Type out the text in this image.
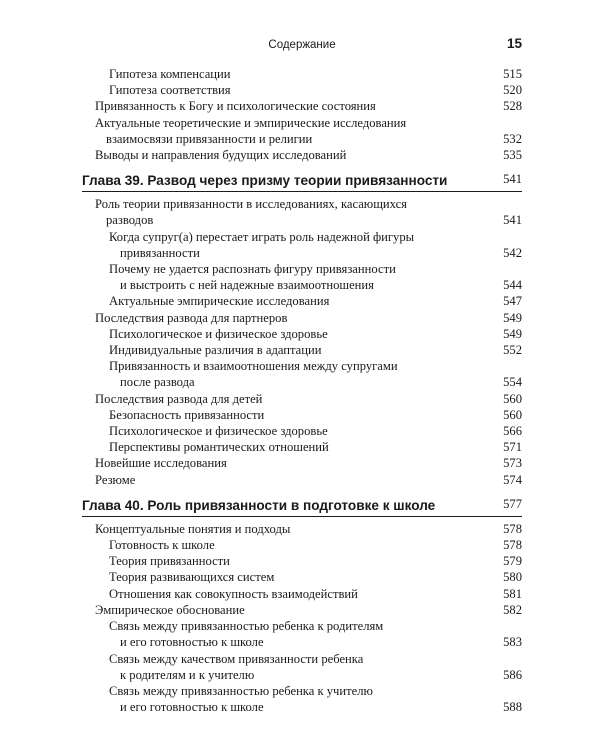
Содержание	15
Гипотеза компенсации	515
Гипотеза соответствия	520
Привязанность к Богу и психологические состояния	528
Актуальные теоретические и эмпирические исследования
взаимосвязи привязанности и религии	532
Выводы и направления будущих исследований	535
Глава 39. Развод через призму теории привязанности	541
Роль теории привязанности в исследованиях, касающихся
разводов	541
Когда супруг(а) перестает играть роль надежной фигуры
привязанности	542
Почему не удается распознать фигуру привязанности
и выстроить с ней надежные взаимоотношения	544
Актуальные эмпирические исследования	547
Последствия развода для партнеров	549
Психологическое и физическое здоровье	549
Индивидуальные различия в адаптации	552
Привязанность и взаимоотношения между супругами
после развода	554
Последствия развода для детей	560
Безопасность привязанности	560
Психологическое и физическое здоровье	566
Перспективы романтических отношений	571
Новейшие исследования	573
Резюме	574
Глава 40. Роль привязанности в подготовке к школе	577
Концептуальные понятия и подходы	578
Готовность к школе	578
Теория привязанности	579
Теория развивающихся систем	580
Отношения как совокупность взаимодействий	581
Эмпирическое обоснование	582
Связь между привязанностью ребенка к родителям
и его готовностью к школе	583
Связь между качеством привязанности ребенка
к родителям и к учителю	586
Связь между привязанностью ребенка к учителю
и его готовностью к школе	588
